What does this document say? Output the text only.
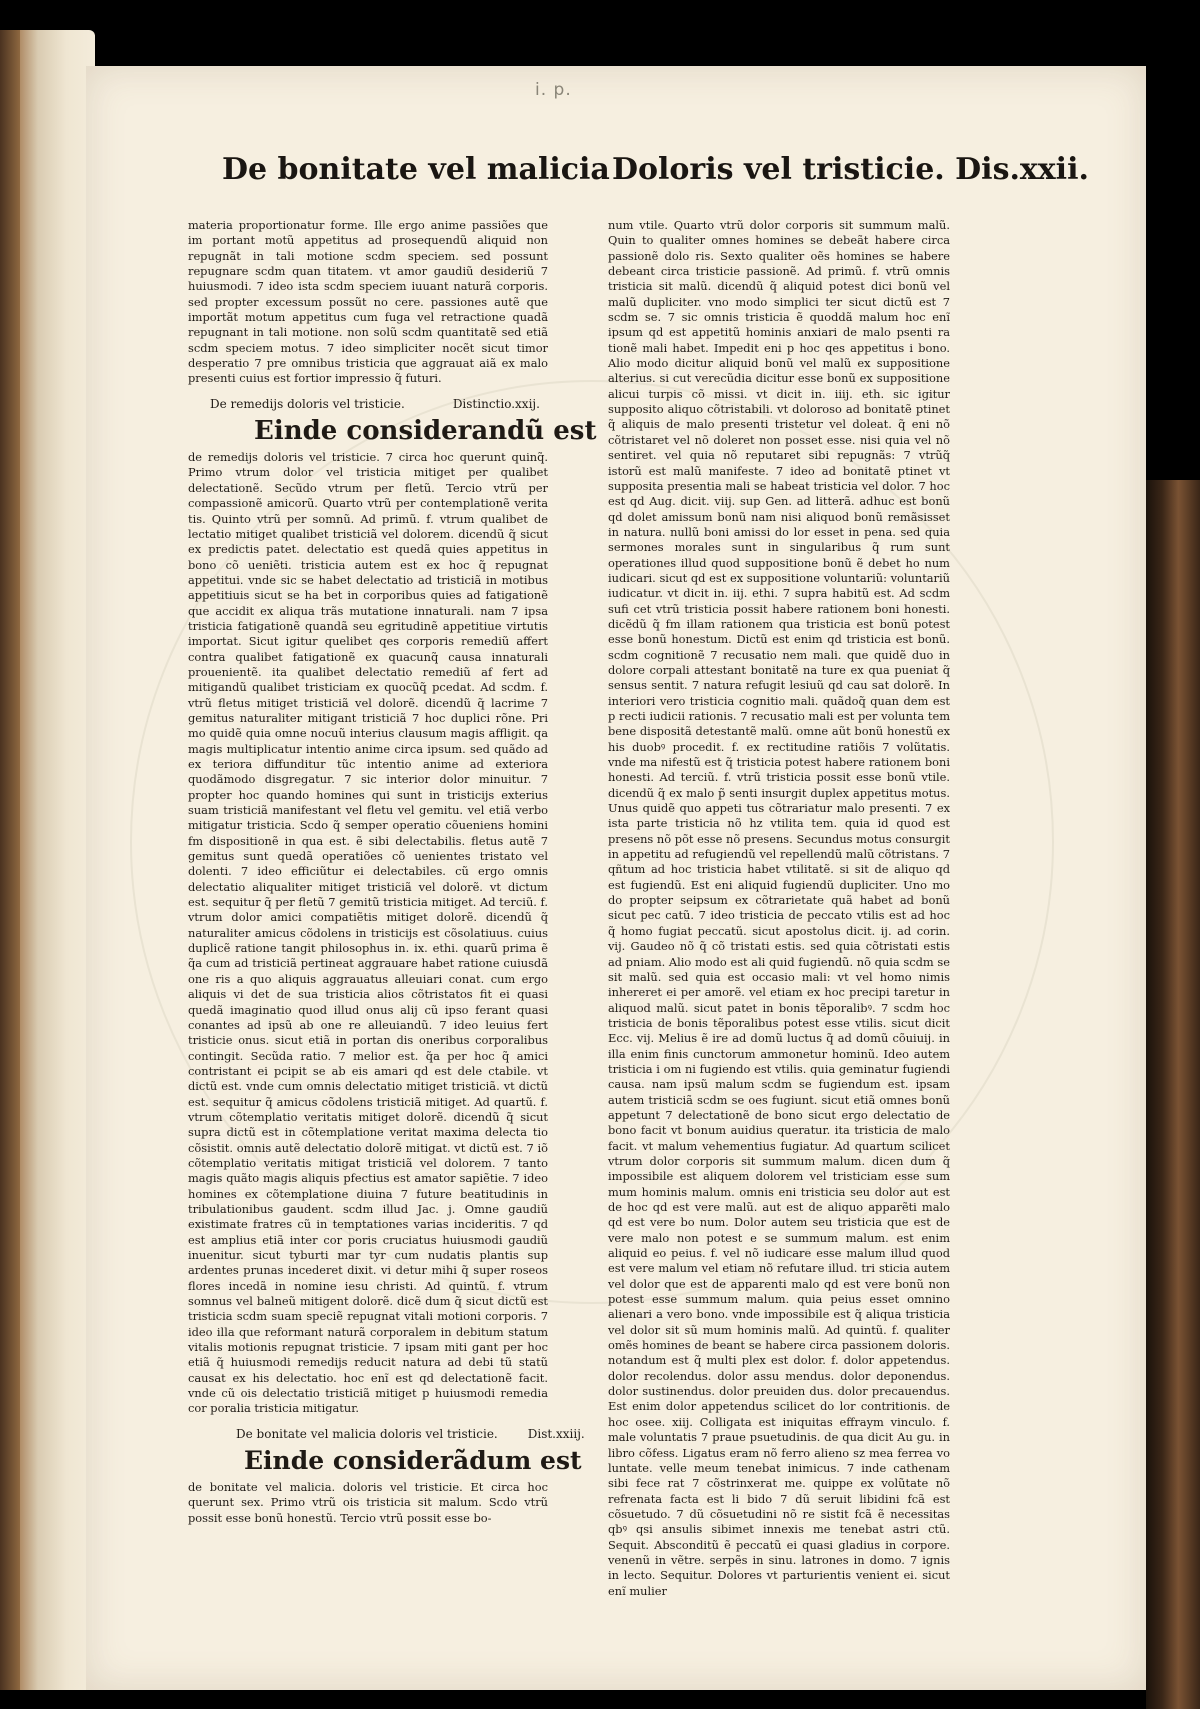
i. p.
De bonitate vel malicia Doloris vel tristicie. Dis.xxii.

materia proportionatur forme. Ille ergo anime passiões que im portant motũ appetitus ad prosequendũ aliquid non repugnãt in tali motione scdm speciem. sed possunt repugnare scdm quan titatem. vt amor gaudiũ desideriũ 7 huiusmodi. 7 ideo ista scdm speciem iuuant naturã corporis. sed propter excessum possũt no cere. passiones autẽ que importãt motum appetitus cum fuga vel retractione quadã repugnant in tali motione. non solũ scdm quantitatẽ sed etiã scdm speciem motus. 7 ideo simpliciter nocẽt sicut timor desperatio 7 pre omnibus tristicia que aggrauat aiã ex malo presenti cuius est fortior impressio q̃ futuri.

De remedijs doloris vel tristicie.	Distinctio.xxij.
Einde considerandũ est

de remedijs doloris vel tristicie. 7 circa hoc querunt quinq̃. Primo vtrum dolor vel tristicia mitiget per qualibet delectationẽ. Secũdo vtrum per fletũ. Tercio vtrũ per compassionẽ amicorũ. Quarto vtrũ per contemplationẽ verita tis. Quinto vtrũ per somnũ. Ad primũ. f. vtrum qualibet de lectatio mitiget qualibet tristiciã vel dolorem. dicendũ q̃ sicut ex predictis patet. delectatio est quedã quies appetitus in bono cõ ueniẽti. tristicia autem est ex hoc q̃ repugnat appetitui. vnde sic se habet delectatio ad tristiciã in motibus appetitiuis sicut se ha bet in corporibus quies ad fatigationẽ que accidit ex aliqua trãs mutatione innaturali. nam 7 ipsa tristicia fatigationẽ quandã seu egritudinẽ appetitiue virtutis importat. Sicut igitur quelibet qes corporis remediũ affert contra qualibet fatigationẽ ex quacunq̃ causa innaturali prouenientẽ. ita qualibet delectatio remediũ af fert ad mitigandũ qualibet tristiciam ex quocũq̃ pcedat. Ad scdm. f. vtrũ fletus mitiget tristiciã vel dolorẽ. dicendũ q̃ lacrime 7 gemitus naturaliter mitigant tristiciã 7 hoc duplici rõne. Pri mo quidẽ quia omne nocuũ interius clausum magis affligit. qa magis multiplicatur intentio anime circa ipsum. sed quãdo ad ex teriora diffunditur tũc intentio anime ad exteriora quodãmodo disgregatur. 7 sic interior dolor minuitur. 7 propter hoc quando homines qui sunt in tristicijs exterius suam tristiciã manifestant vel fletu vel gemitu. vel etiã verbo mitigatur tristicia. Scdo q̃ semper operatio cõueniens homini fm dispositionẽ in qua est. ẽ sibi delectabilis. fletus autẽ 7 gemitus sunt quedã operatiões cõ uenientes tristato vel dolenti. 7 ideo efficiũtur ei delectabiles. cũ ergo omnis delectatio aliqualiter mitiget tristiciã vel dolorẽ. vt dictum est. sequitur q̃ per fletũ 7 gemitũ tristicia mitiget. Ad terciũ. f. vtrum dolor amici compatiẽtis mitiget dolorẽ. dicendũ q̃ naturaliter amicus cõdolens in tristicijs est cõsolatiuus. cuius duplicẽ ratione tangit philosophus in. ix. ethi. quarũ prima ẽ q̃a cum ad tristiciã pertineat aggrauare habet ratione cuiusdã one ris a quo aliquis aggrauatus alleuiari conat. cum ergo aliquis vi det de sua tristicia alios cõtristatos fit ei quasi quedã imaginatio quod illud onus alij cũ ipso ferant quasi conantes ad ipsũ ab one re alleuiandũ. 7 ideo leuius fert tristicie onus. sicut etiã in portan dis oneribus corporalibus contingit. Secũda ratio. 7 melior est. q̃a per hoc q̃ amici contristant ei pcipit se ab eis amari qd est dele ctabile. vt dictũ est. vnde cum omnis delectatio mitiget tristiciã. vt dictũ est. sequitur q̃ amicus cõdolens tristiciã mitiget. Ad quartũ. f. vtrum cõtemplatio veritatis mitiget dolorẽ. dicendũ q̃ sicut supra dictũ est in cõtemplatione veritat maxima delecta tio cõsistit. omnis autẽ delectatio dolorẽ mitigat. vt dictũ est. 7 iõ cõtemplatio veritatis mitigat tristiciã vel dolorem. 7 tanto magis quãto magis aliquis pfectius est amator sapiẽtie. 7 ideo homines ex cõtemplatione diuina 7 future beatitudinis in tribulationibus gaudent. scdm illud Jac. j. Omne gaudiũ existimate fratres cũ in temptationes varias incideritis. 7 qd est amplius etiã inter cor poris cruciatus huiusmodi gaudiũ inuenitur. sicut tyburti mar tyr cum nudatis plantis sup ardentes prunas incederet dixit. vi detur mihi q̃ super roseos flores incedã in nomine iesu christi. Ad quintũ. f. vtrum somnus vel balneũ mitigent dolorẽ. dicẽ dum q̃ sicut dictũ est tristicia scdm suam speciẽ repugnat vitali motioni corporis. 7 ideo illa que reformant naturã corporalem in debitum statum vitalis motionis repugnat tristicie. 7 ipsam miti gant per hoc etiã q̃ huiusmodi remedijs reducit natura ad debi tũ statũ causat ex his delectatio. hoc enĩ est qd delectationẽ facit. vnde cũ ois delectatio tristiciã mitiget p huiusmodi remedia cor poralia tristicia mitigatur.

De bonitate vel malicia doloris vel tristicie.	Dist.xxiij.
Einde considerãdum est

de bonitate vel malicia. doloris vel tristicie. Et circa hoc querunt sex. Primo vtrũ ois tristicia sit malum. Scdo vtrũ possit esse bonũ honestũ. Tercio vtrũ possit esse bo-

num vtile. Quarto vtrũ dolor corporis sit summum malũ. Quin to qualiter omnes homines se debeãt habere circa passionẽ dolo ris. Sexto qualiter oẽs homines se habere debeant circa tristicie passionẽ. Ad primũ. f. vtrũ omnis tristicia sit malũ. dicendũ q̃ aliquid potest dici bonũ vel malũ dupliciter. vno modo simplici ter sicut dictũ est 7 scdm se. 7 sic omnis tristicia ẽ quoddã malum hoc enĩ ipsum qd est appetitũ hominis anxiari de malo psenti ra tionẽ mali habet. Impedit eni p hoc qes appetitus i bono. Alio modo dicitur aliquid bonũ vel malũ ex suppositione alterius. si cut verecũdia dicitur esse bonũ ex suppositione alicui turpis cõ missi. vt dicit in. iiij. eth. sic igitur supposito aliquo cõtristabili. vt doloroso ad bonitatẽ ptinet q̃ aliquis de malo presenti tristetur vel doleat. q̃ eni nõ cõtristaret vel nõ doleret non posset esse. nisi quia vel nõ sentiret. vel quia nõ reputaret sibi repugnãs: 7 vtrũq̃ istorũ est malũ manifeste. 7 ideo ad bonitatẽ ptinet vt supposita presentia mali se habeat tristicia vel dolor. 7 hoc est qd Aug. dicit. viij. sup Gen. ad litterã. adhuc est bonũ qd dolet amissum bonũ nam nisi aliquod bonũ remãsisset in natura. nullũ boni amissi do lor esset in pena. sed quia sermones morales sunt in singularibus q̃ rum sunt operationes illud quod suppositione bonũ ẽ debet ho num iudicari. sicut qd est ex suppositione voluntariũ: voluntariũ iudicatur. vt dicit in. iij. ethi. 7 supra habitũ est. Ad scdm sufi cet vtrũ tristicia possit habere rationem boni honesti. dicẽdũ q̃ fm illam rationem qua tristicia est bonũ potest esse bonũ honestum. Dictũ est enim qd tristicia est bonũ. scdm cognitionẽ 7 recusatio nem mali. que quidẽ duo in dolore corpali attestant bonitatẽ na ture ex qua pueniat q̃ sensus sentit. 7 natura refugit lesiuũ qd cau sat dolorẽ. In interiori vero tristicia cognitio mali. quãdoq̃ quan dem est p recti iudicii rationis. 7 recusatio mali est per volunta tem bene dispositã detestantẽ malũ. omne aũt bonũ honestũ ex his duobꝰ procedit. f. ex rectitudine ratiõis 7 volũtatis. vnde ma nifestũ est q̃ tristicia potest habere rationem boni honesti. Ad terciũ. f. vtrũ tristicia possit esse bonũ vtile. dicendũ q̃ ex malo p̃ senti insurgit duplex appetitus motus. Unus quidẽ quo appeti tus cõtrariatur malo presenti. 7 ex ista parte tristicia nõ hz vtilita tem. quia id quod est presens nõ põt esse nõ presens. Secundus motus consurgit in appetitu ad refugiendũ vel repellendũ malũ cõtristans. 7 qñtum ad hoc tristicia habet vtilitatẽ. si sit de aliquo qd est fugiendũ. Est eni aliquid fugiendũ dupliciter. Uno mo do propter seipsum ex cõtrarietate quã habet ad bonũ sicut pec catũ. 7 ideo tristicia de peccato vtilis est ad hoc q̃ homo fugiat peccatũ. sicut apostolus dicit. ij. ad corin. vij. Gaudeo nõ q̃ cõ tristati estis. sed quia cõtristati estis ad pniam. Alio modo est ali quid fugiendũ. nõ quia scdm se sit malũ. sed quia est occasio mali: vt vel homo nimis inhereret ei per amorẽ. vel etiam ex hoc precipi taretur in aliquod malũ. sicut patet in bonis tẽporalibꝰ. 7 scdm hoc tristicia de bonis tẽporalibus potest esse vtilis. sicut dicit Ecc. vij. Melius ẽ ire ad domũ luctus q̃ ad domũ cõuiuij. in illa enim finis cunctorum ammonetur hominũ. Ideo autem tristicia i om ni fugiendo est vtilis. quia geminatur fugiendi causa. nam ipsũ malum scdm se fugiendum est. ipsam autem tristiciã scdm se oes fugiunt. sicut etiã omnes bonũ appetunt 7 delectationẽ de bono sicut ergo delectatio de bono facit vt bonum auidius queratur. ita tristicia de malo facit. vt malum vehementius fugiatur. Ad quartum scilicet vtrum dolor corporis sit summum malum. dicen dum q̃ impossibile est aliquem dolorem vel tristiciam esse sum mum hominis malum. omnis eni tristicia seu dolor aut est de hoc qd est vere malũ. aut est de aliquo apparẽti malo qd est vere bo num. Dolor autem seu tristicia que est de vere malo non potest e se summum malum. est enim aliquid eo peius. f. vel nõ iudicare esse malum illud quod est vere malum vel etiam nõ refutare illud. tri sticia autem vel dolor que est de apparenti malo qd est vere bonũ non potest esse summum malum. quia peius esset omnino alienari a vero bono. vnde impossibile est q̃ aliqua tristicia vel dolor sit sũ mum hominis malũ. Ad quintũ. f. qualiter omẽs homines de beant se habere circa passionem doloris. notandum est q̃ multi plex est dolor. f. dolor appetendus. dolor recolendus. dolor assu mendus. dolor deponendus. dolor sustinendus. dolor preuiden dus. dolor precauendus. Est enim dolor appetendus scilicet do lor contritionis. de hoc osee. xiij. Colligata est iniquitas effraym vinculo. f. male voluntatis 7 praue psuetudinis. de qua dicit Au gu. in libro cõfess. Ligatus eram nõ ferro alieno sz mea ferrea vo luntate. velle meum tenebat inimicus. 7 inde cathenam sibi fece rat 7 cõstrinxerat me. quippe ex volũtate nõ refrenata facta est li bido 7 dũ seruit libidini fcã est cõsuetudo. 7 dũ cõsuetudini nõ re sistit fcã ẽ necessitas qbꝰ qsi ansulis sibimet innexis me tenebat astri ctũ. Sequit. Absconditũ ẽ peccatũ ei quasi gladius in corpore. venenũ in vẽtre. serpẽs in sinu. latrones in domo. 7 ignis in lecto. Sequitur. Dolores vt parturientis venient ei. sicut enĩ mulier
